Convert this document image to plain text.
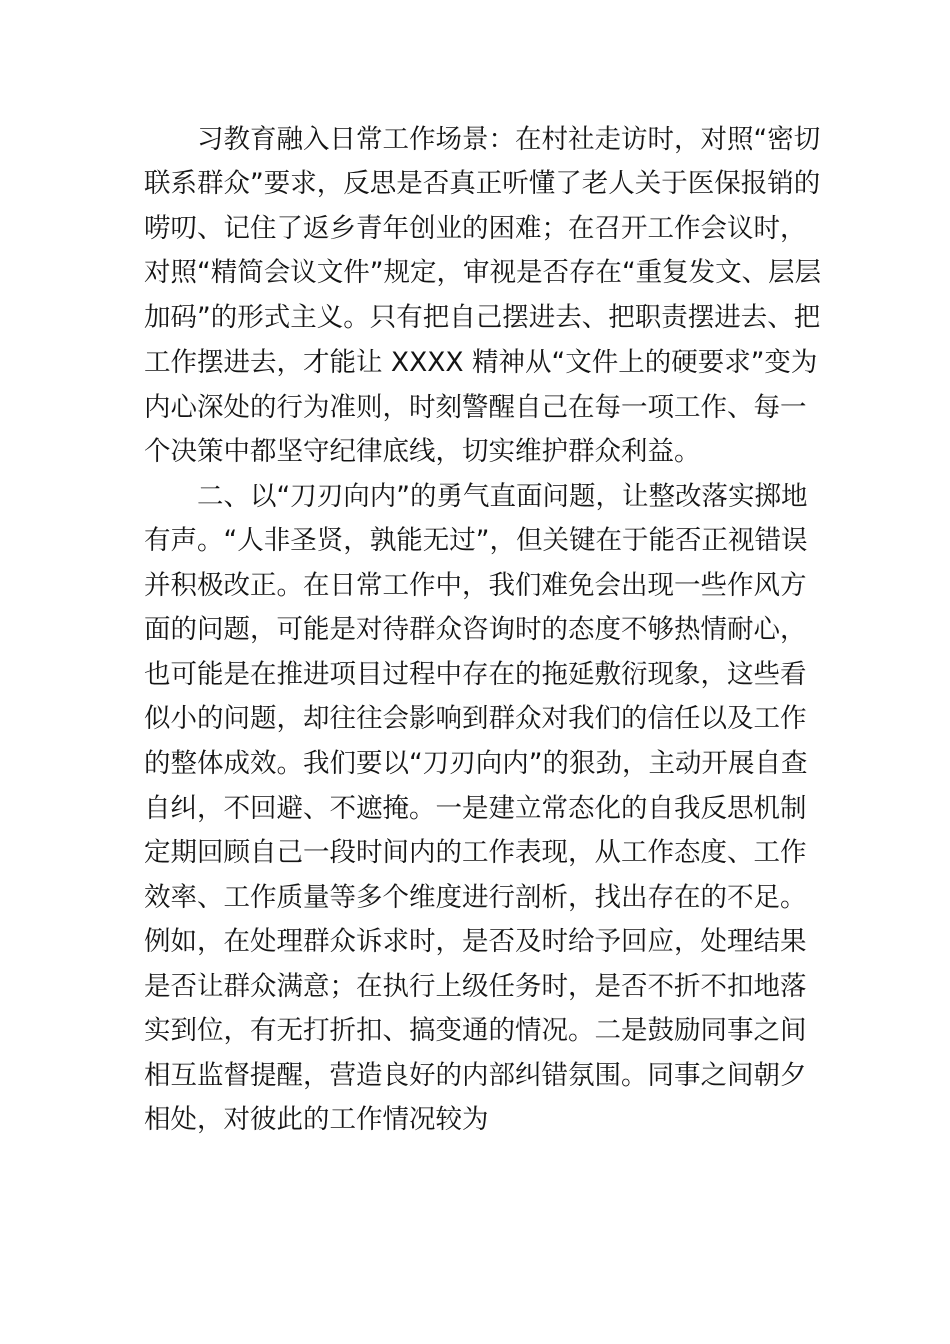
习教育融入日常工作场景：在村社走访时，对照“密切

联系群众”要求，反思是否真正听懂了老人关于医保报销的

唠叨、记住了返乡青年创业的困难；在召开工作会议时，

对照“精简会议文件”规定，审视是否存在“重复发文、层层

加码”的形式主义。只有把自己摆进去、把职责摆进去、把

工作摆进去，才能让 XXXX 精神从“文件上的硬要求”变为

内心深处的行为准则，时刻警醒自己在每一项工作、每一

个决策中都坚守纪律底线，切实维护群众利益。

二、以“刀刃向内”的勇气直面问题，让整改落实掷地

有声。“人非圣贤，孰能无过”，但关键在于能否正视错误

并积极改正。在日常工作中，我们难免会出现一些作风方

面的问题，可能是对待群众咨询时的态度不够热情耐心，

也可能是在推进项目过程中存在的拖延敷衍现象，这些看

似小的问题，却往往会影响到群众对我们的信任以及工作

的整体成效。我们要以“刀刃向内”的狠劲，主动开展自查

自纠，不回避、不遮掩。一是建立常态化的自我反思机制

定期回顾自己一段时间内的工作表现，从工作态度、工作

效率、工作质量等多个维度进行剖析，找出存在的不足。

例如，在处理群众诉求时，是否及时给予回应，处理结果

是否让群众满意；在执行上级任务时，是否不折不扣地落

实到位，有无打折扣、搞变通的情况。二是鼓励同事之间

相互监督提醒，营造良好的内部纠错氛围。同事之间朝夕

相处，对彼此的工作情况较为
